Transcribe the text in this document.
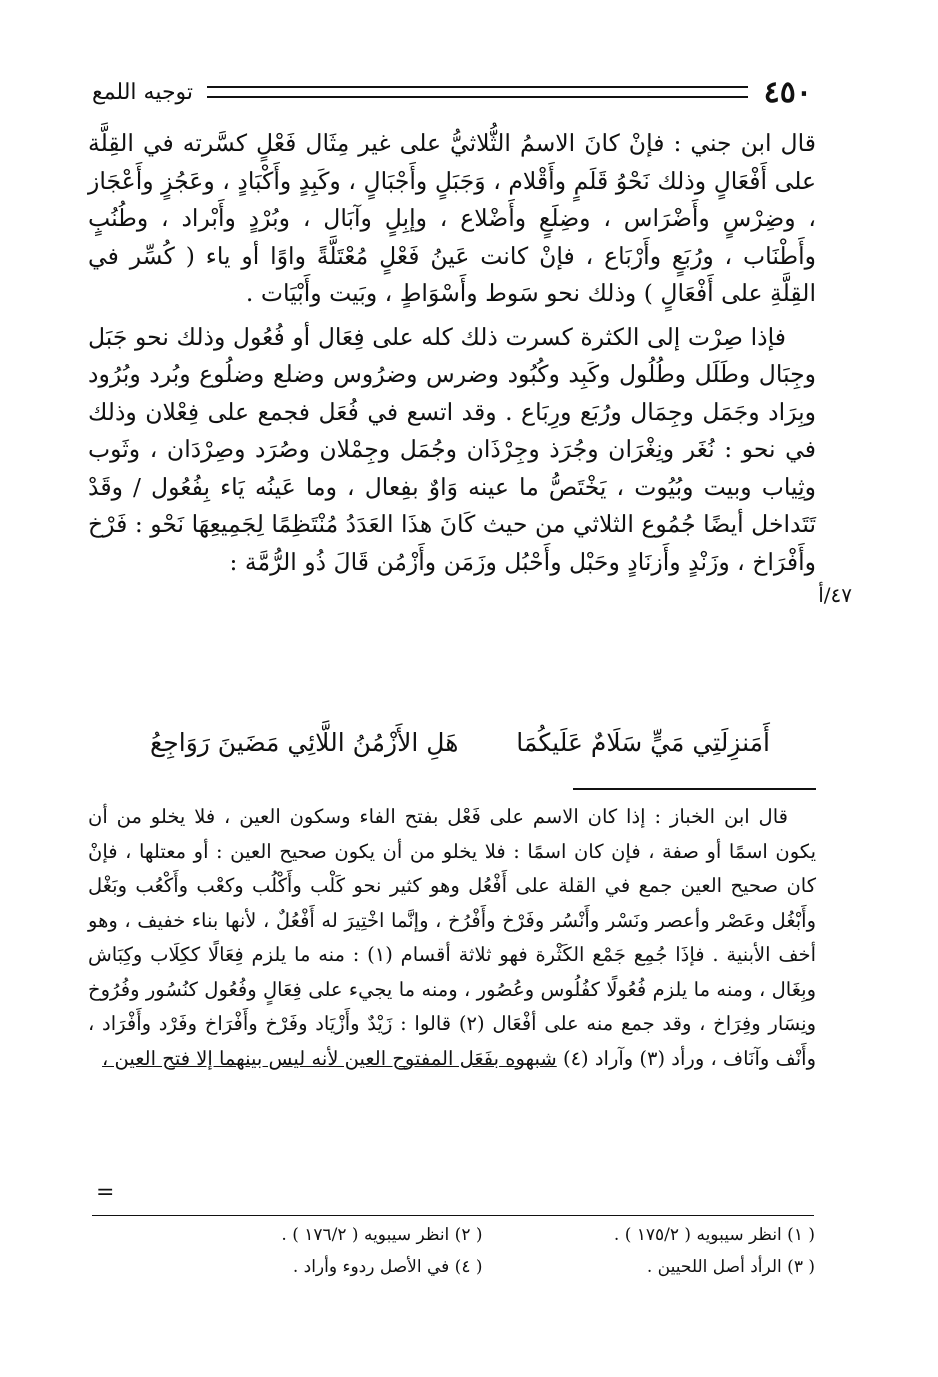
٤٥٠
توجيه اللمع

قال ابن جني : فإنْ كانَ الاسمُ الثُّلاثيُّ على غير مِثَال فَعْلٍ كسَّرته في القِلَّة على أَفْعَالٍ وذلك نَحْوُ قَلَمٍ وأَقْلام ، وَجَبَلٍ وأَجْبَالٍ ، وكَبِدٍ وأَكْبَادٍ ، وعَجُزٍ وأَعْجَاز ، وضِرْسٍ وأَضْرَاس ، وضِلَعٍ وأَضْلاع ، وإبِلٍ وآبَال ، وبُرْدٍ وأَبْراد ، وطُنُبٍ وأَطْنَاب ، ورُبَعٍ وأَرْبَاع ، فإنْ كانت عَينُ فَعْلٍ مُعْتَلَّةً واوًا أو ياء ( كُسِّر في القِلَّةِ على أَفْعَالٍ ) وذلك نحو سَوط وأَسْوَاطٍ ، وبَيت وأَبْيَات .

فإذا صِرْت إلى الكثرة كسرت ذلك كله على فِعَال أو فُعُول وذلك نحو جَبَل وجِبَال وطَلَل وطُلُول وكَبِد وكُبُود وضرس وضرُوس وضلع وضلُوع وبُرد وبُرُود وبِرَاد وجَمَل وجِمَال ورُبَع ورِبَاع . وقد اتسع في فُعَل فجمع على فِعْلان وذلك في نحو : نُغَر ونِغْرَان وجُرَذ وجِرْذَان وجُمَل وجِمْلان وصُرَد وصِرْدَان ، وثَوب وثِياب وبيت وبُيُوت ، يَخْتَصُّ ما عينه وَاوٌ بفِعال ، وما عَينُه يَاء بِفُعُول / وقَدْ تَتَداخل أيضًا جُمُوع الثلاثي من حيث كَانَ هذَا العَدَدُ مُنْتَظِمًا لِجَمِيعِهَا نَحْو : فَرْخ وأَفْرَاخ ، وزَنْدٍ وأَزنَادٍ وحَبْل وأَحْبُل وزَمَن وأَزْمُن قَالَ ذُو الرُّمَّة :

٤٧/أ
أَمَنزِلَتِي مَيٍّ سَلَامٌ عَلَيكُمَا
هَلِ الأَزْمُنُ اللَّائِي مَضَينَ رَوَاجِعُ

قال ابن الخباز : إذا كان الاسم على فَعْل بفتح الفاء وسكون العين ، فلا يخلو من أن يكون اسمًا أو صفة ، فإن كان اسمًا : فلا يخلو من أن يكون صحيح العين : أو معتلها ، فإنْ كان صحيح العين جمع في القلة على أَفْعُل وهو كثير نحو كَلْب وأَكْلُب وكعْب وأَكْعُب وبَغْل وأَبْغُل وعَصْر وأعصر ونَسْر وأَنْسُر وفَرْخ وأَفْرُخ ، وإنَّما اخْتِيرَ له أَفْعُلٌ ، لأنها بناء خفيف ، وهو أخف الأبنية . فإذَا جُمِع جَمْع الكَثْرة فهو ثلاثة أقسام (١) : منه ما يلزم فِعَالًا ككِلَاب وكِبَاش وبِغَال ، ومنه ما يلزم فُعُولًا كفُلُوس وعُصُور ، ومنه ما يجيء على فِعَالٍ وفُعُول كنُسُور وفُرُوخ ونِسَار وفِرَاخ ، وقد جمع منه على أفْعَال (٢) قالوا : زَيْدٌ وأَزْيَاد وفَرْخ وأَفْرَاخ وفَرْد وأَفْرَاد ، وأَنْف وآنَاف ، ورأد (٣) وآراد (٤) شبهوه بفَعَل المفتوح العين لأنه ليس بينهما إلا فتح العين ،

=
( ١) انظر سيبويه ( ١٧٥/٢ ) .
( ٢) انظر سيبويه ( ١٧٦/٢ ) .
( ٣) الرأد أصل اللحيين .
( ٤) في الأصل ردوء وأراد .
